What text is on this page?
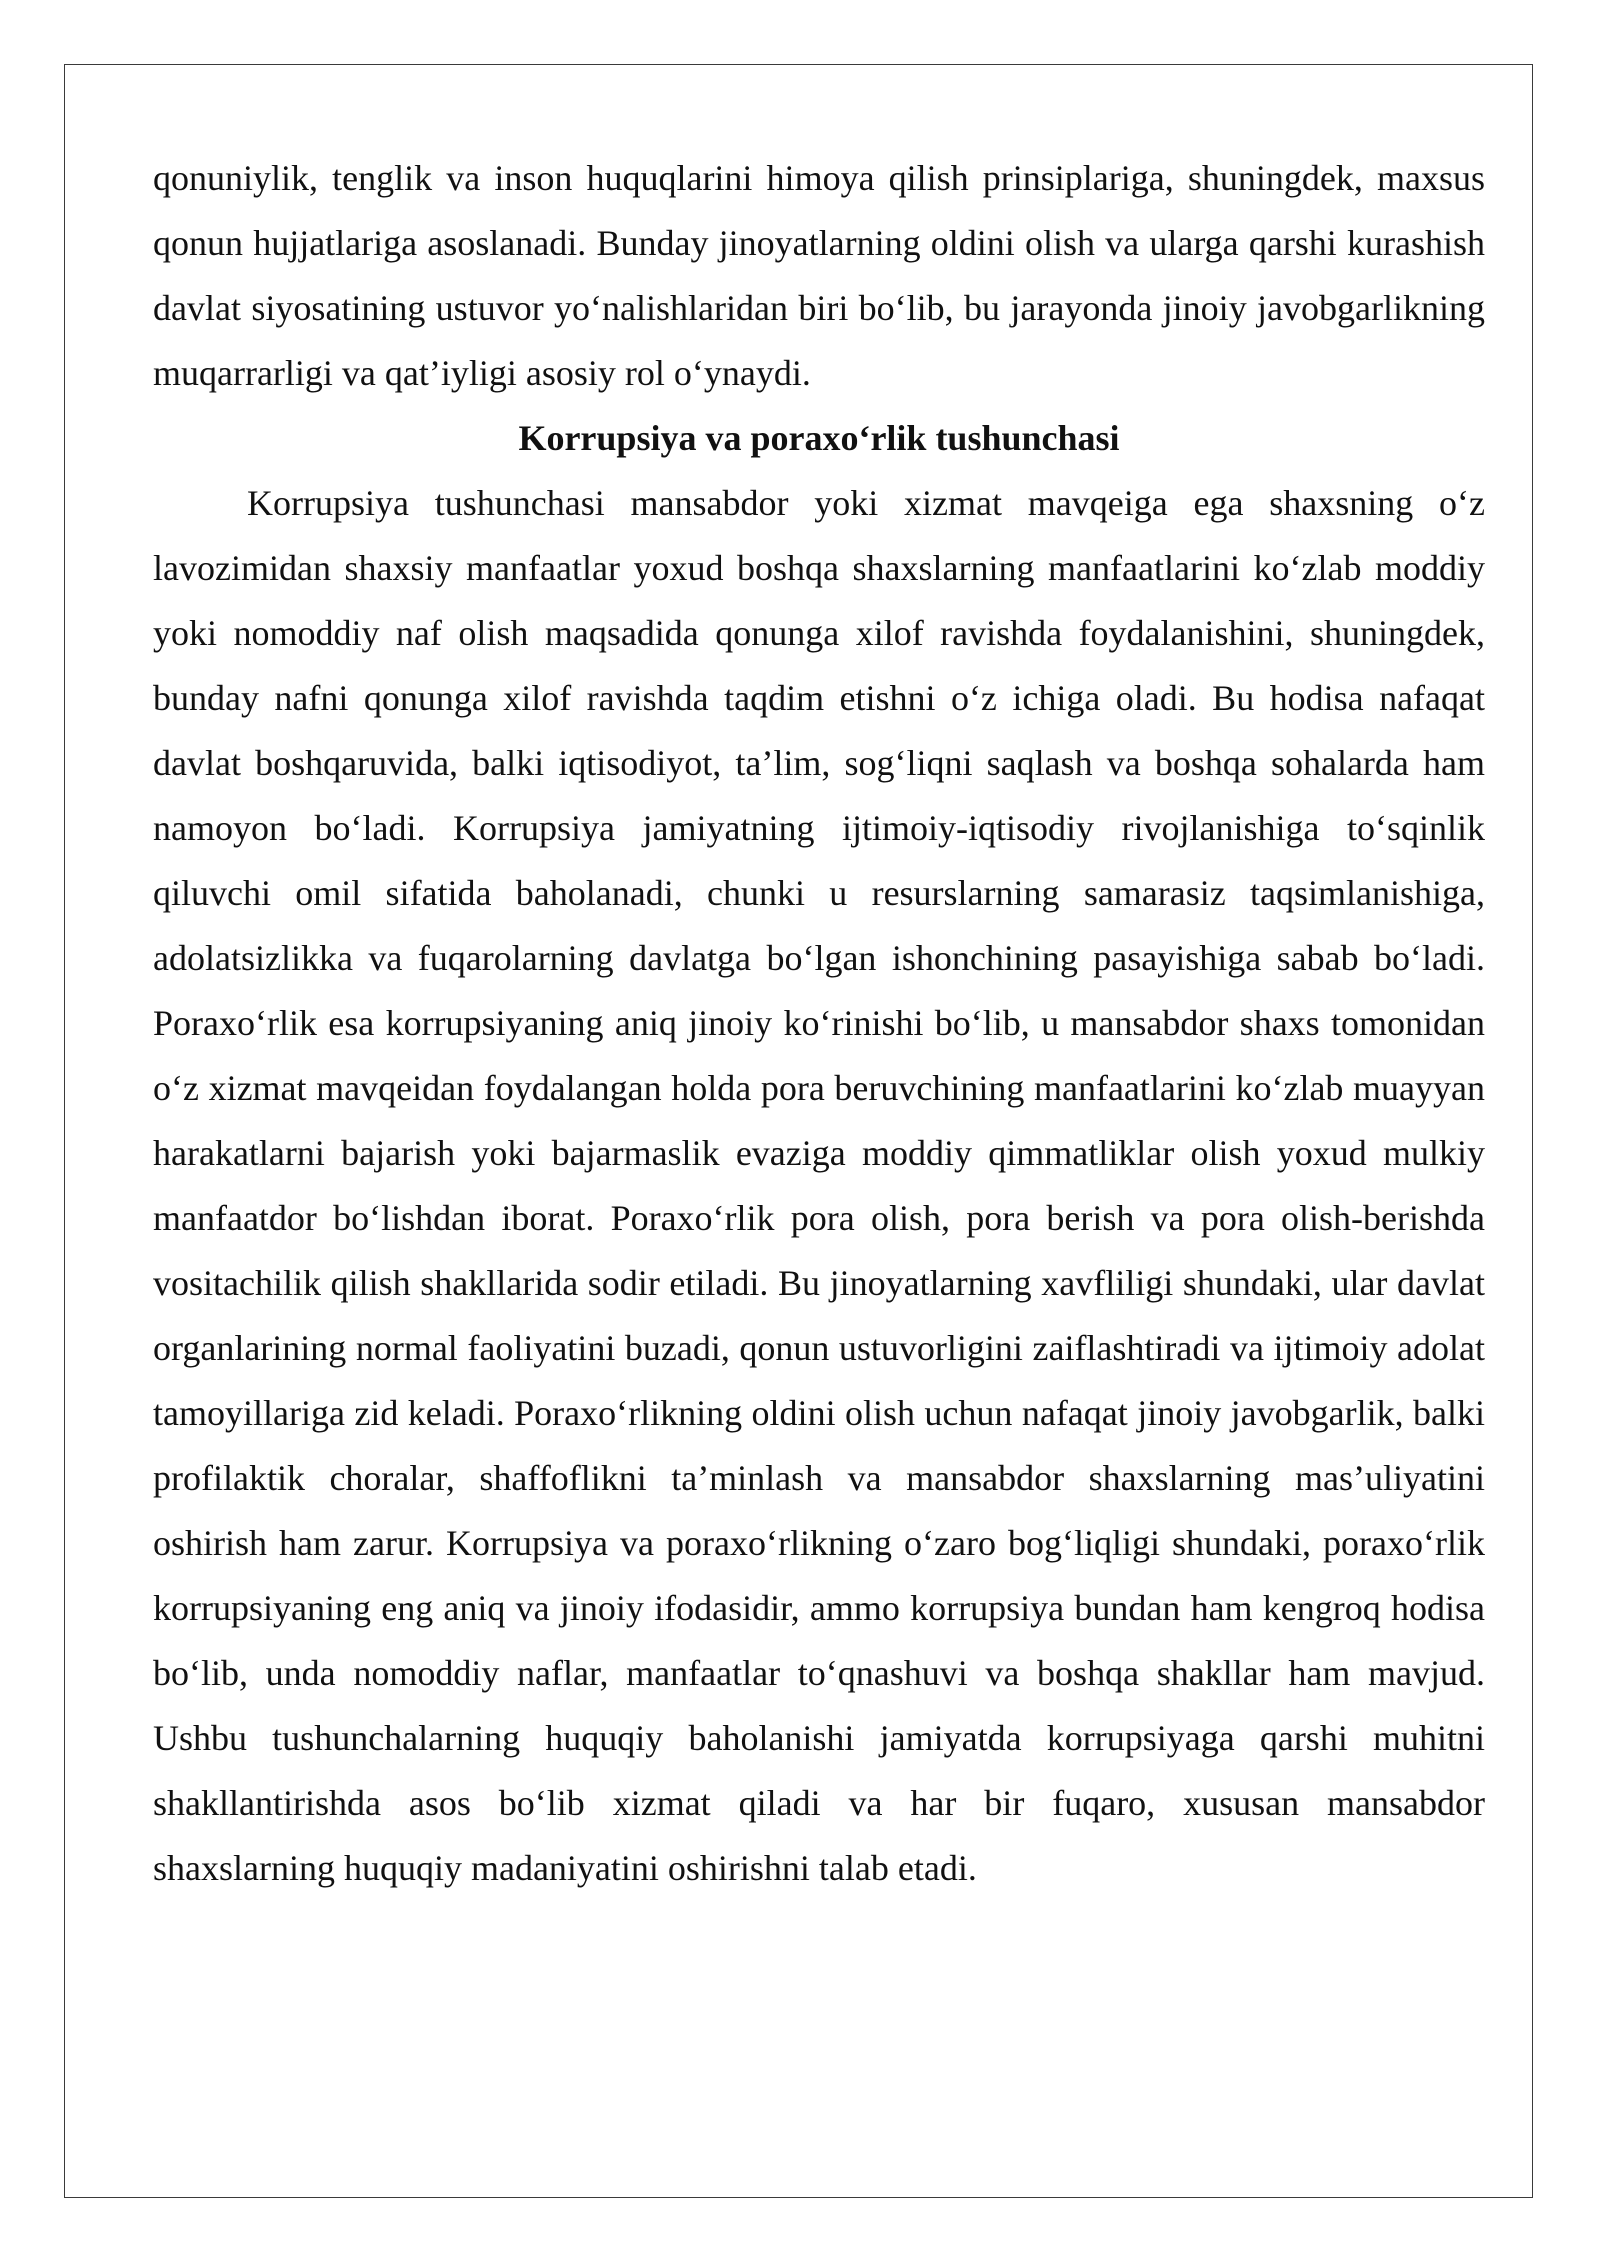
qonuniylik, tenglik va inson huquqlarini himoya qilish prinsiplariga, shuningdek, maxsus qonun hujjatlariga asoslanadi. Bunday jinoyatlarning oldini olish va ularga qarshi kurashish davlat siyosatining ustuvor yo‘nalishlaridan biri bo‘lib, bu jarayonda jinoiy javobgarlikning muqarrarligi va qat’iyligi asosiy rol o‘ynaydi.

Korrupsiya va poraxo‘rlik tushunchasi

Korrupsiya tushunchasi mansabdor yoki xizmat mavqeiga ega shaxsning o‘z lavozimidan shaxsiy manfaatlar yoxud boshqa shaxslarning manfaatlarini ko‘zlab moddiy yoki nomoddiy naf olish maqsadida qonunga xilof ravishda foydalanishini, shuningdek, bunday nafni qonunga xilof ravishda taqdim etishni o‘z ichiga oladi. Bu hodisa nafaqat davlat boshqaruvida, balki iqtisodiyot, ta’lim, sog‘liqni saqlash va boshqa sohalarda ham namoyon bo‘ladi. Korrupsiya jamiyatning ijtimoiy-iqtisodiy rivojlanishiga to‘sqinlik qiluvchi omil sifatida baholanadi, chunki u resurslarning samarasiz taqsimlanishiga, adolatsizlikka va fuqarolarning davlatga bo‘lgan ishonchining pasayishiga sabab bo‘ladi. Poraxo‘rlik esa korrupsiyaning aniq jinoiy ko‘rinishi bo‘lib, u mansabdor shaxs tomonidan o‘z xizmat mavqeidan foydalangan holda pora beruvchining manfaatlarini ko‘zlab muayyan harakatlarni bajarish yoki bajarmaslik evaziga moddiy qimmatliklar olish yoxud mulkiy manfaatdor bo‘lishdan iborat. Poraxo‘rlik pora olish, pora berish va pora olish-berishda vositachilik qilish shakllarida sodir etiladi. Bu jinoyatlarning xavfliligi shundaki, ular davlat organlarining normal faoliyatini buzadi, qonun ustuvorligini zaiflashtiradi va ijtimoiy adolat tamoyillariga zid keladi. Poraxo‘rlikning oldini olish uchun nafaqat jinoiy javobgarlik, balki profilaktik choralar, shaffoflikni ta’minlash va mansabdor shaxslarning mas’uliyatini oshirish ham zarur. Korrupsiya va poraxo‘rlikning o‘zaro bog‘liqligi shundaki, poraxo‘rlik korrupsiyaning eng aniq va jinoiy ifodasidir, ammo korrupsiya bundan ham kengroq hodisa bo‘lib, unda nomoddiy naflar, manfaatlar to‘qnashuvi va boshqa shakllar ham mavjud. Ushbu tushunchalarning huquqiy baholanishi jamiyatda korrupsiyaga qarshi muhitni shakllantirishda asos bo‘lib xizmat qiladi va har bir fuqaro, xususan mansabdor shaxslarning huquqiy madaniyatini oshirishni talab etadi.
